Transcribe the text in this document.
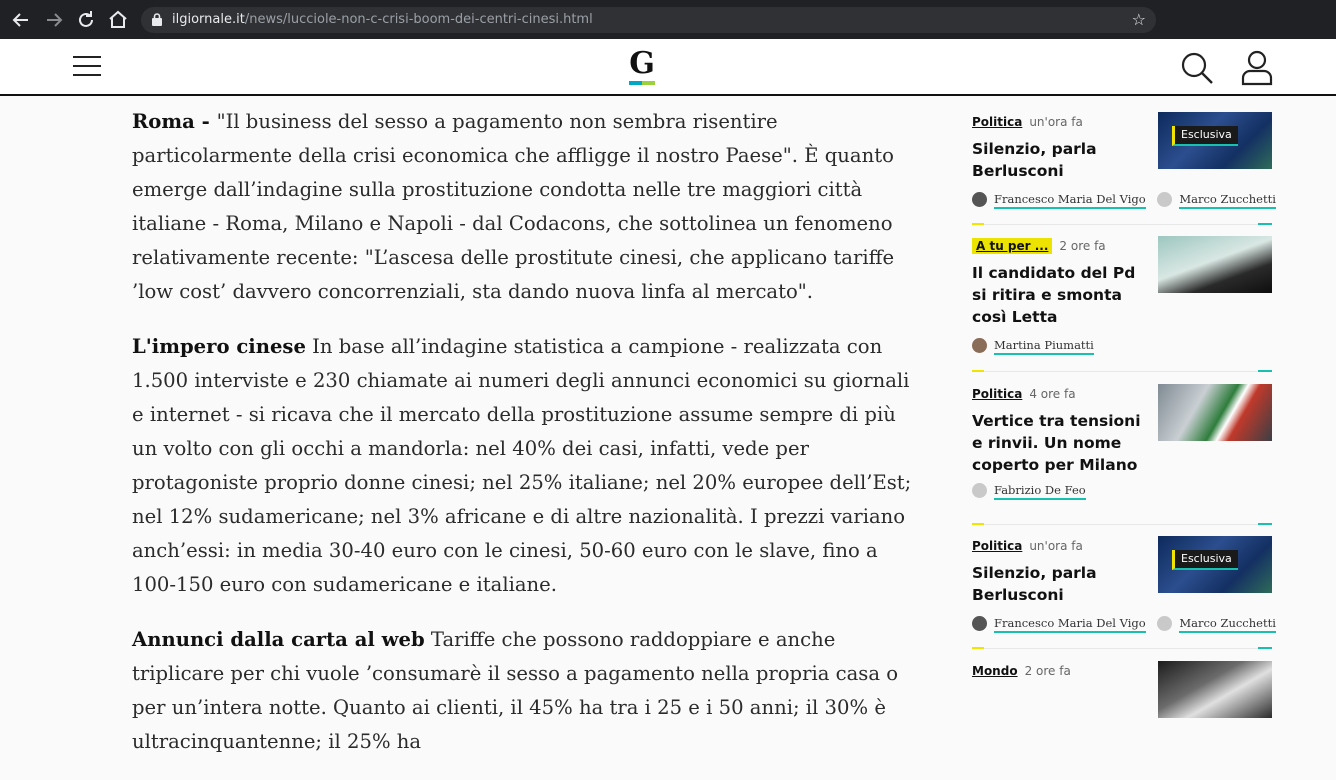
ilgiornale.it/news/lucciole-non-c-crisi-boom-dei-centri-cinesi.html	☆
G

Roma - "Il business del sesso a pagamento non sembra risentire particolarmente della crisi economica che affligge il nostro Paese". È quanto emerge dall’indagine sulla prostituzione condotta nelle tre maggiori città italiane - Roma, Milano e Napoli - dal Codacons, che sottolinea un fenomeno relativamente recente: "L’ascesa delle prostitute cinesi, che applicano tariffe ’low cost’ davvero concorrenziali, sta dando nuova linfa al mercato".

L'impero cinese In base all’indagine statistica a campione - realizzata con 1.500 interviste e 230 chiamate ai numeri degli annunci economici su giornali e internet - si ricava che il mercato della prostituzione assume sempre di più un volto con gli occhi a mandorla: nel 40% dei casi, infatti, vede per protagoniste proprio donne cinesi; nel 25% italiane; nel 20% europee dell’Est; nel 12% sudamericane; nel 3% africane e di altre nazionalità. I prezzi variano anch’essi: in media 30-40 euro con le cinesi, 50-60 euro con le slave, fino a 100-150 euro con sudamericane e italiane.

Annunci dalla carta al web Tariffe che possono raddoppiare e anche triplicare per chi vuole ’consumarè il sesso a pagamento nella propria casa o per un’intera notte. Quanto ai clienti, il 45% ha tra i 25 e i 50 anni; il 30% è ultracinquantenne; il 25% ha

Politica un'ora fa
Silenzio, parla Berlusconi
Esclusiva
Francesco Maria Del Vigo	Marco Zucchetti
A tu per ... 2 ore fa
Il candidato del Pd si ritira e smonta così Letta
Martina Piumatti
Politica 4 ore fa
Vertice tra tensioni e rinvii. Un nome coperto per Milano
Fabrizio De Feo
Politica un'ora fa
Silenzio, parla Berlusconi
Esclusiva
Francesco Maria Del Vigo	Marco Zucchetti
Mondo 2 ore fa
